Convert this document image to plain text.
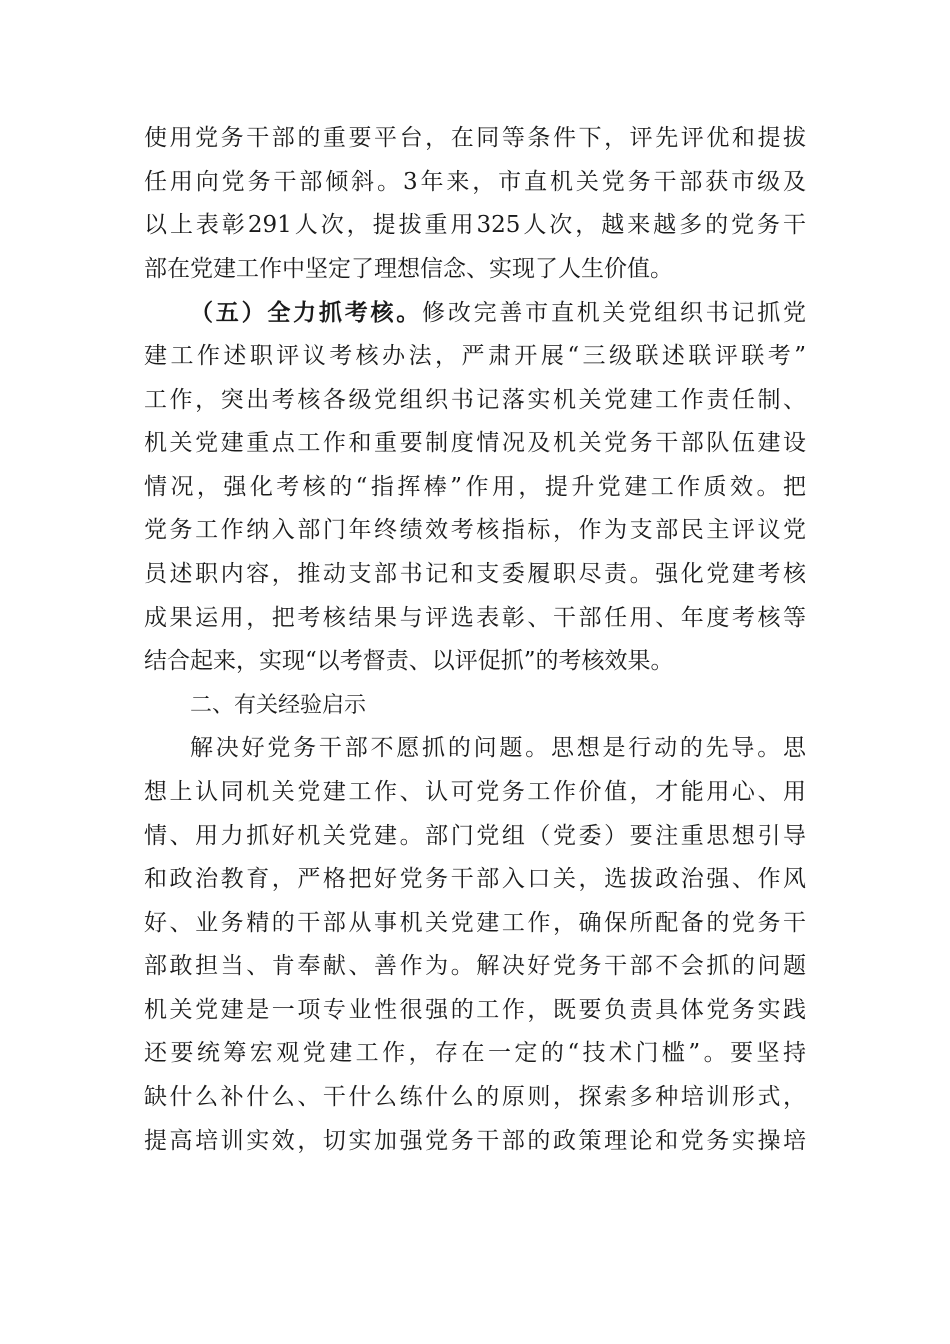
使用党务干部的重要平台，在同等条件下，评先评优和提拔
任用向党务干部倾斜。3年来，市直机关党务干部获市级及
以上表彰291人次，提拔重用325人次，越来越多的党务干
部在党建工作中坚定了理想信念、实现了人生价值。
（五）全力抓考核。修改完善市直机关党组织书记抓党
建工作述职评议考核办法，严肃开展“三级联述联评联考”
工作，突出考核各级党组织书记落实机关党建工作责任制、
机关党建重点工作和重要制度情况及机关党务干部队伍建设
情况，强化考核的“指挥棒”作用，提升党建工作质效。把
党务工作纳入部门年终绩效考核指标，作为支部民主评议党
员述职内容，推动支部书记和支委履职尽责。强化党建考核
成果运用，把考核结果与评选表彰、干部任用、年度考核等
结合起来，实现“以考督责、以评促抓”的考核效果。
二、有关经验启示
解决好党务干部不愿抓的问题。思想是行动的先导。思
想上认同机关党建工作、认可党务工作价值，才能用心、用
情、用力抓好机关党建。部门党组（党委）要注重思想引导
和政治教育，严格把好党务干部入口关，选拔政治强、作风
好、业务精的干部从事机关党建工作，确保所配备的党务干
部敢担当、肯奉献、善作为。解决好党务干部不会抓的问题
机关党建是一项专业性很强的工作，既要负责具体党务实践
还要统筹宏观党建工作，存在一定的“技术门槛”。要坚持
缺什么补什么、干什么练什么的原则，探索多种培训形式，
提高培训实效，切实加强党务干部的政策理论和党务实操培
